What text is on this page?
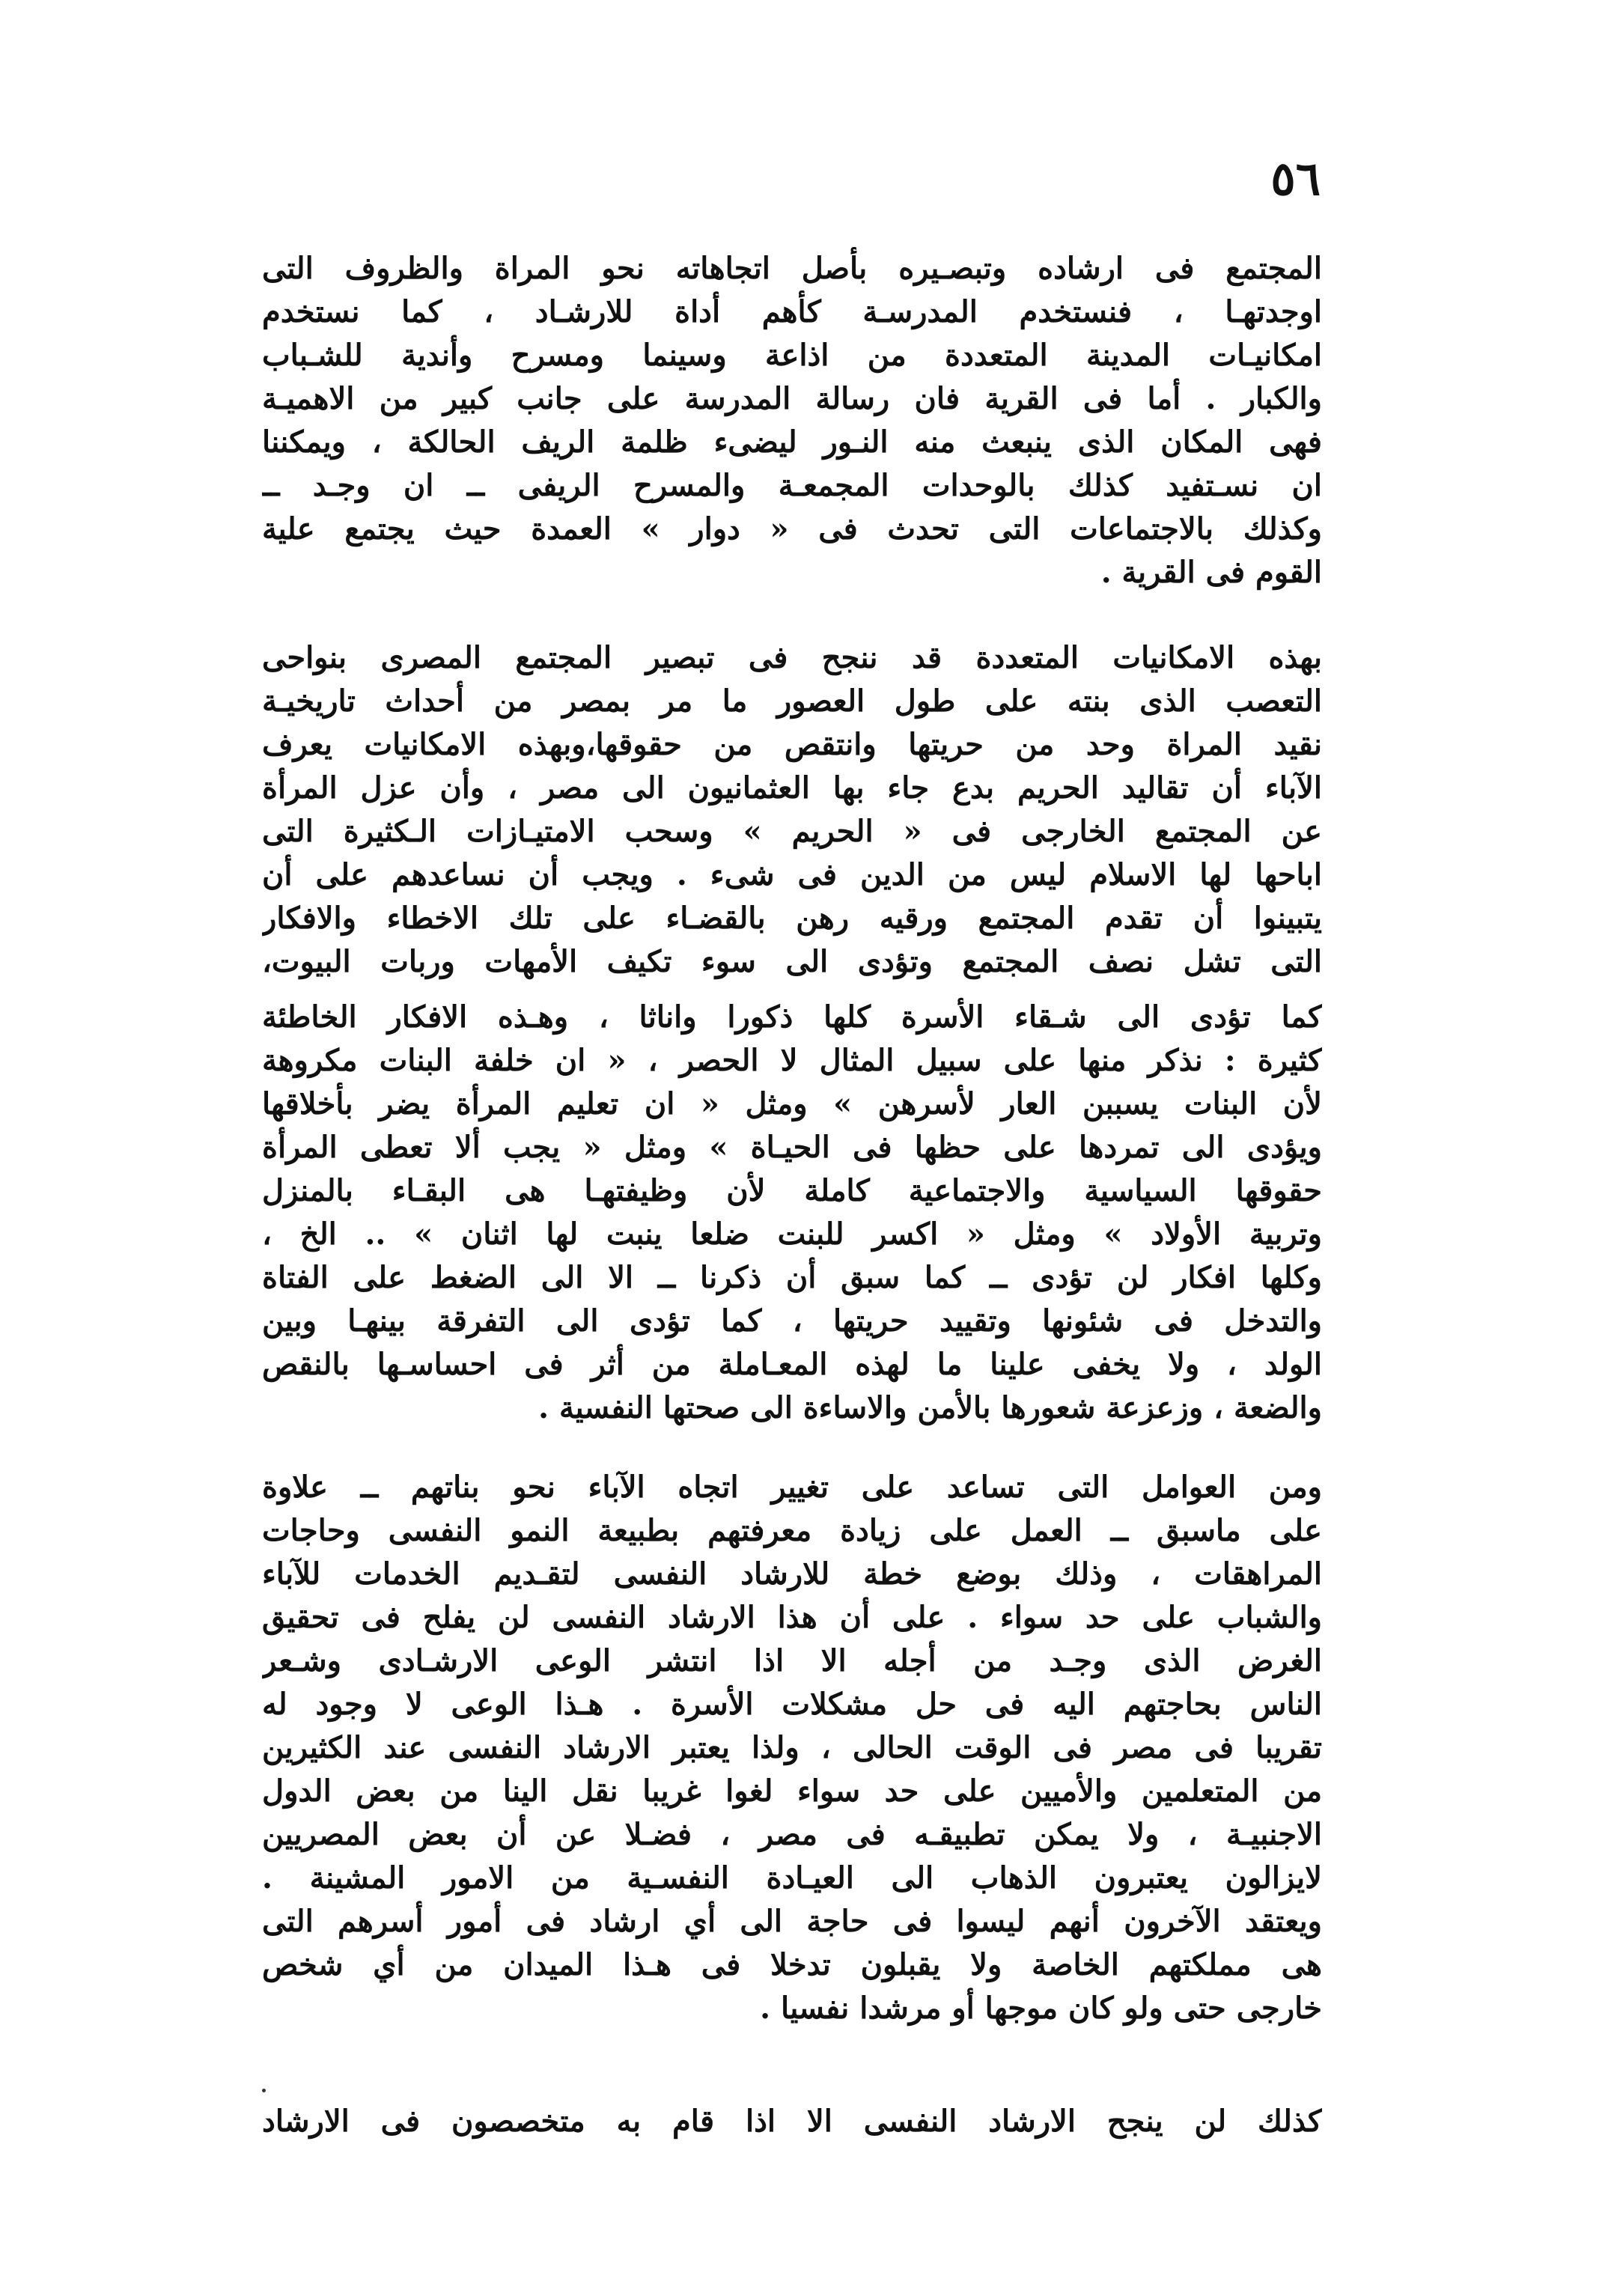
٥٦
المجتمع فى ارشاده وتبصـيره بأصل اتجاهاته نحو المراة والظروف التى
اوجدتهـا ، فنستخدم المدرسـة كأهم أداة للارشـاد ، كما نستخدم
امكانيـات المدينة المتعددة من اذاعة وسينما ومسرح وأندية للشـباب
والكبار . أما فى القرية فان رسالة المدرسة على جانب كبير من الاهميـة
فهى المكان الذى ينبعث منه النـور ليضىء ظلمة الريف الحالكة ، ويمكننا
ان نسـتفيد كذلك بالوحدات المجمعـة والمسرح الريفى ــ ان وجـد ــ
وكذلك بالاجتماعات التى تحدث فى « دوار » العمدة حيث يجتمع علية
القوم فى القرية .
بهذه الامكانيات المتعددة قد ننجح فى تبصير المجتمع المصرى بنواحى
التعصب الذى بنته على طول العصور ما مر بمصر من أحداث تاريخيـة
نقيد المراة وحد من حريتها وانتقص من حقوقها،وبهذه الامكانيات يعرف
الآباء أن تقاليد الحريم بدع جاء بها العثمانيون الى مصر ، وأن عزل المرأة
عن المجتمع الخارجى فى « الحريم » وسحب الامتيـازات الـكثيرة التى
اباحها لها الاسلام ليس من الدين فى شىء . ويجب أن نساعدهم على أن
يتبينوا أن تقدم المجتمع ورقيه رهن بالقضـاء على تلك الاخطاء والافكار
التى تشل نصف المجتمع وتؤدى الى سوء تكيف الأمهات وربات البيوت،
كما تؤدى الى شـقاء الأسرة كلها ذكورا واناثا ، وهـذه الافكار الخاطئة
كثيرة : نذكر منها على سبيل المثال لا الحصر ، « ان خلفة البنات مكروهة
لأن البنات يسببن العار لأسرهن » ومثل « ان تعليم المرأة يضر بأخلاقها
ويؤدى الى تمردها على حظها فى الحيـاة » ومثل « يجب ألا تعطى المرأة
حقوقها السياسية والاجتماعية كاملة لأن وظيفتهـا هى البقـاء بالمنزل
وتربية الأولاد » ومثل « اكسر للبنت ضلعا ينبت لها اثنان » .. الخ ،
وكلها افكار لن تؤدى ــ كما سبق أن ذكرنا ــ الا الى الضغط على الفتاة
والتدخل فى شئونها وتقييد حريتها ، كما تؤدى الى التفرقة بينهـا وبين
الولد ، ولا يخفى علينا ما لهذه المعـاملة من أثر فى احساسـها بالنقص
والضعة ، وزعزعة شعورها بالأمن والاساءة الى صحتها النفسية .
ومن العوامل التى تساعد على تغيير اتجاه الآباء نحو بناتهم ــ علاوة
على ماسبق ــ العمل على زيادة معرفتهم بطبيعة النمو النفسى وحاجات
المراهقات ، وذلك بوضع خطة للارشاد النفسى لتقـديم الخدمات للآباء
والشباب على حد سواء . على أن هذا الارشاد النفسى لن يفلح فى تحقيق
الغرض الذى وجـد من أجله الا اذا انتشر الوعى الارشـادى وشـعر
الناس بحاجتهم اليه فى حل مشكلات الأسرة . هـذا الوعى لا وجود له
تقريبا فى مصر فى الوقت الحالى ، ولذا يعتبر الارشاد النفسى عند الكثيرين
من المتعلمين والأميين على حد سواء لغوا غريبا نقل الينا من بعض الدول
الاجنبيـة ، ولا يمكن تطبيقـه فى مصر ، فضـلا عن أن بعض المصريين
لايزالون يعتبرون الذهاب الى العيـادة النفسـية من الامور المشينة .
ويعتقد الآخرون أنهم ليسوا فى حاجة الى أي ارشاد فى أمور أسرهم التى
هى مملكتهم الخاصة ولا يقبلون تدخلا فى هـذا الميدان من أي شخص
خارجى حتى ولو كان موجها أو مرشدا نفسيا .
كذلك لن ينجح الارشاد النفسى الا اذا قام به متخصصون فى الارشاد
